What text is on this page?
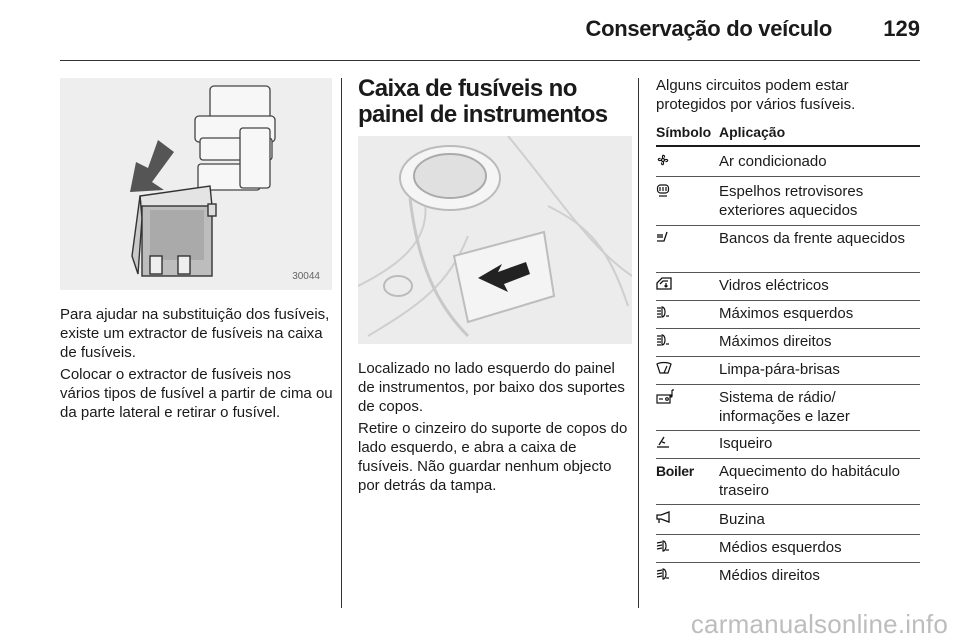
Conservação do veículo 129
30044

Para ajudar na substituição dos fusíveis, existe um extractor de fusíveis na caixa de fusíveis.

Colocar o extractor de fusíveis nos vários tipos de fusível a partir de cima ou da parte lateral e retirar o fusível.

Caixa de fusíveis no painel de instrumentos

Localizado no lado esquerdo do painel de instrumentos, por baixo dos suportes de copos.

Retire o cinzeiro do suporte de copos do lado esquerdo, e abra a caixa de fusíveis. Não guardar nenhum objecto por detrás da tampa.

Alguns circuitos podem estar protegidos por vários fusíveis.

Símbolo Aplicação
Ar condicionado
Espelhos retrovisores exteriores aquecidos
Bancos da frente aquecidos
Vidros eléctricos
Máximos esquerdos
Máximos direitos
Limpa-pára-brisas
Sistema de rádio/ informações e lazer
Isqueiro
Boiler	Aquecimento do habitáculo traseiro
Buzina
Médios esquerdos
Médios direitos
carmanualsonline.info
